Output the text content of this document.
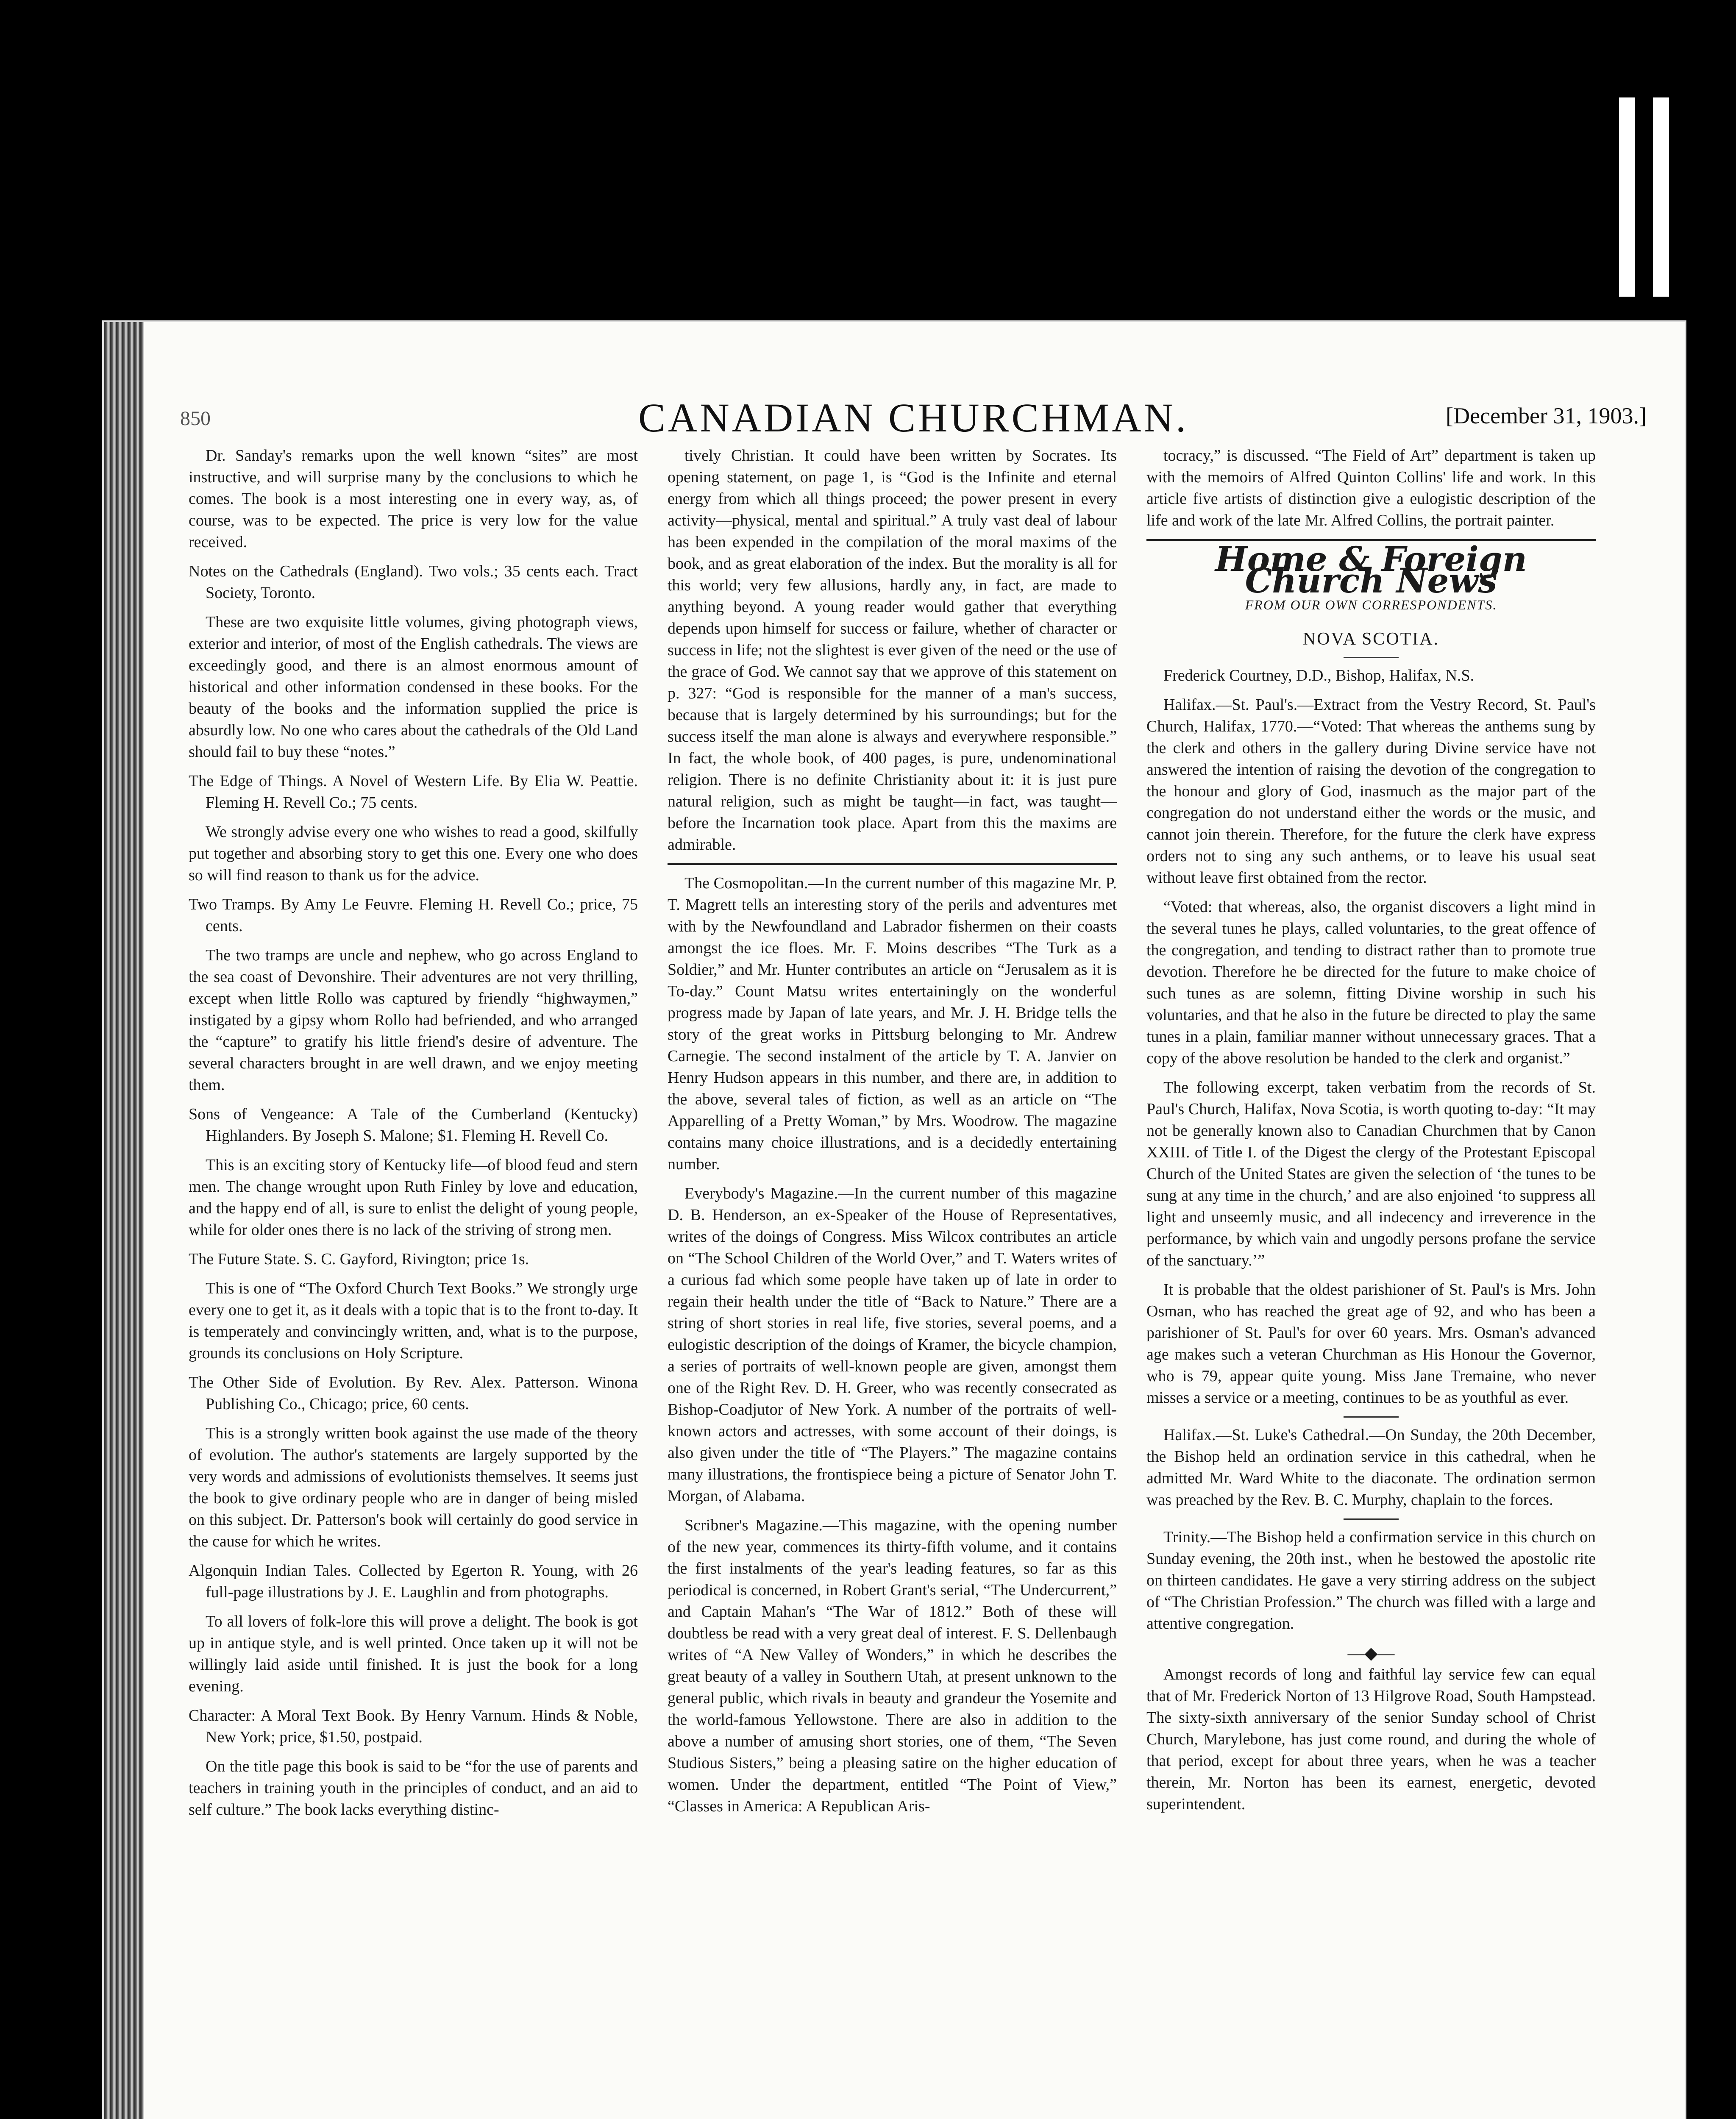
850	CANADIAN CHURCHMAN.	[December 31, 1903.]

Dr. Sanday's remarks upon the well known “sites” are most instructive, and will surprise many by the conclusions to which he comes. The book is a most interesting one in every way, as, of course, was to be expected. The price is very low for the value received.

Notes on the Cathedrals (England). Two vols.; 35 cents each. Tract Society, Toronto.

These are two exquisite little volumes, giving photograph views, exterior and interior, of most of the English cathedrals. The views are exceedingly good, and there is an almost enormous amount of historical and other information condensed in these books. For the beauty of the books and the information supplied the price is absurdly low. No one who cares about the cathedrals of the Old Land should fail to buy these “notes.”

The Edge of Things. A Novel of Western Life. By Elia W. Peattie. Fleming H. Revell Co.; 75 cents.

We strongly advise every one who wishes to read a good, skilfully put together and absorbing story to get this one. Every one who does so will find reason to thank us for the advice.

Two Tramps. By Amy Le Feuvre. Fleming H. Revell Co.; price, 75 cents.

The two tramps are uncle and nephew, who go across England to the sea coast of Devonshire. Their adventures are not very thrilling, except when little Rollo was captured by friendly “highwaymen,” instigated by a gipsy whom Rollo had befriended, and who arranged the “capture” to gratify his little friend's desire of adventure. The several characters brought in are well drawn, and we enjoy meeting them.

Sons of Vengeance: A Tale of the Cumberland (Kentucky) Highlanders. By Joseph S. Malone; $1. Fleming H. Revell Co.

This is an exciting story of Kentucky life—of blood feud and stern men. The change wrought upon Ruth Finley by love and education, and the happy end of all, is sure to enlist the delight of young people, while for older ones there is no lack of the striving of strong men.

The Future State. S. C. Gayford, Rivington; price 1s.

This is one of “The Oxford Church Text Books.” We strongly urge every one to get it, as it deals with a topic that is to the front to-day. It is temperately and convincingly written, and, what is to the purpose, grounds its conclusions on Holy Scripture.

The Other Side of Evolution. By Rev. Alex. Patterson. Winona Publishing Co., Chicago; price, 60 cents.

This is a strongly written book against the use made of the theory of evolution. The author's statements are largely supported by the very words and admissions of evolutionists themselves. It seems just the book to give ordinary people who are in danger of being misled on this subject. Dr. Patterson's book will certainly do good service in the cause for which he writes.

Algonquin Indian Tales. Collected by Egerton R. Young, with 26 full-page illustrations by J. E. Laughlin and from photographs.

To all lovers of folk-lore this will prove a delight. The book is got up in antique style, and is well printed. Once taken up it will not be willingly laid aside until finished. It is just the book for a long evening.

Character: A Moral Text Book. By Henry Varnum. Hinds & Noble, New York; price, $1.50, postpaid.

On the title page this book is said to be “for the use of parents and teachers in training youth in the principles of conduct, and an aid to self culture.” The book lacks everything distinc-

tively Christian. It could have been written by Socrates. Its opening statement, on page 1, is “God is the Infinite and eternal energy from which all things proceed; the power present in every activity—physical, mental and spiritual.” A truly vast deal of labour has been expended in the compilation of the moral maxims of the book, and as great elaboration of the index. But the morality is all for this world; very few allusions, hardly any, in fact, are made to anything beyond. A young reader would gather that everything depends upon himself for success or failure, whether of character or success in life; not the slightest is ever given of the need or the use of the grace of God. We cannot say that we approve of this statement on p. 327: “God is responsible for the manner of a man's success, because that is largely determined by his surroundings; but for the success itself the man alone is always and everywhere responsible.” In fact, the whole book, of 400 pages, is pure, undenominational religion. There is no definite Christianity about it: it is just pure natural religion, such as might be taught—in fact, was taught—before the Incarnation took place. Apart from this the maxims are admirable.

The Cosmopolitan.—In the current number of this magazine Mr. P. T. Magrett tells an interesting story of the perils and adventures met with by the Newfoundland and Labrador fishermen on their coasts amongst the ice floes. Mr. F. Moins describes “The Turk as a Soldier,” and Mr. Hunter contributes an article on “Jerusalem as it is To-day.” Count Matsu writes entertainingly on the wonderful progress made by Japan of late years, and Mr. J. H. Bridge tells the story of the great works in Pittsburg belonging to Mr. Andrew Carnegie. The second instalment of the article by T. A. Janvier on Henry Hudson appears in this number, and there are, in addition to the above, several tales of fiction, as well as an article on “The Apparelling of a Pretty Woman,” by Mrs. Woodrow. The magazine contains many choice illustrations, and is a decidedly entertaining number.

Everybody's Magazine.—In the current number of this magazine D. B. Henderson, an ex-Speaker of the House of Representatives, writes of the doings of Congress. Miss Wilcox contributes an article on “The School Children of the World Over,” and T. Waters writes of a curious fad which some people have taken up of late in order to regain their health under the title of “Back to Nature.” There are a string of short stories in real life, five stories, several poems, and a eulogistic description of the doings of Kramer, the bicycle champion, a series of portraits of well-known people are given, amongst them one of the Right Rev. D. H. Greer, who was recently consecrated as Bishop-Coadjutor of New York. A number of the portraits of well-known actors and actresses, with some account of their doings, is also given under the title of “The Players.” The magazine contains many illustrations, the frontispiece being a picture of Senator John T. Morgan, of Alabama.

Scribner's Magazine.—This magazine, with the opening number of the new year, commences its thirty-fifth volume, and it contains the first instalments of the year's leading features, so far as this periodical is concerned, in Robert Grant's serial, “The Undercurrent,” and Captain Mahan's “The War of 1812.” Both of these will doubtless be read with a very great deal of interest. F. S. Dellenbaugh writes of “A New Valley of Wonders,” in which he describes the great beauty of a valley in Southern Utah, at present unknown to the general public, which rivals in beauty and grandeur the Yosemite and the world-famous Yellowstone. There are also in addition to the above a number of amusing short stories, one of them, “The Seven Studious Sisters,” being a pleasing satire on the higher education of women. Under the department, entitled “The Point of View,” “Classes in America: A Republican Aris-

tocracy,” is discussed. “The Field of Art” department is taken up with the memoirs of Alfred Quinton Collins' life and work. In this article five artists of distinction give a eulogistic description of the life and work of the late Mr. Alfred Collins, the portrait painter.

Home & Foreign Church News
FROM OUR OWN CORRESPONDENTS.
NOVA SCOTIA.

Frederick Courtney, D.D., Bishop, Halifax, N.S.

Halifax.—St. Paul's.—Extract from the Vestry Record, St. Paul's Church, Halifax, 1770.—“Voted: That whereas the anthems sung by the clerk and others in the gallery during Divine service have not answered the intention of raising the devotion of the congregation to the honour and glory of God, inasmuch as the major part of the congregation do not understand either the words or the music, and cannot join therein. Therefore, for the future the clerk have express orders not to sing any such anthems, or to leave his usual seat without leave first obtained from the rector.

“Voted: that whereas, also, the organist discovers a light mind in the several tunes he plays, called voluntaries, to the great offence of the congregation, and tending to distract rather than to promote true devotion. Therefore he be directed for the future to make choice of such tunes as are solemn, fitting Divine worship in such his voluntaries, and that he also in the future be directed to play the same tunes in a plain, familiar manner without unnecessary graces. That a copy of the above resolution be handed to the clerk and organist.”

The following excerpt, taken verbatim from the records of St. Paul's Church, Halifax, Nova Scotia, is worth quoting to-day: “It may not be generally known also to Canadian Churchmen that by Canon XXIII. of Title I. of the Digest the clergy of the Protestant Episcopal Church of the United States are given the selection of ‘the tunes to be sung at any time in the church,’ and are also enjoined ‘to suppress all light and unseemly music, and all indecency and irreverence in the performance, by which vain and ungodly persons profane the service of the sanctuary.’”

It is probable that the oldest parishioner of St. Paul's is Mrs. John Osman, who has reached the great age of 92, and who has been a parishioner of St. Paul's for over 60 years. Mrs. Osman's advanced age makes such a veteran Churchman as His Honour the Governor, who is 79, appear quite young. Miss Jane Tremaine, who never misses a service or a meeting, continues to be as youthful as ever.

Halifax.—St. Luke's Cathedral.—On Sunday, the 20th December, the Bishop held an ordination service in this cathedral, when he admitted Mr. Ward White to the diaconate. The ordination sermon was preached by the Rev. B. C. Murphy, chaplain to the forces.

Trinity.—The Bishop held a confirmation service in this church on Sunday evening, the 20th inst., when he bestowed the apostolic rite on thirteen candidates. He gave a very stirring address on the subject of “The Christian Profession.” The church was filled with a large and attentive congregation.

—◆—

Amongst records of long and faithful lay service few can equal that of Mr. Frederick Norton of 13 Hilgrove Road, South Hampstead. The sixty-sixth anniversary of the senior Sunday school of Christ Church, Marylebone, has just come round, and during the whole of that period, except for about three years, when he was a teacher therein, Mr. Norton has been its earnest, energetic, devoted superintendent.
